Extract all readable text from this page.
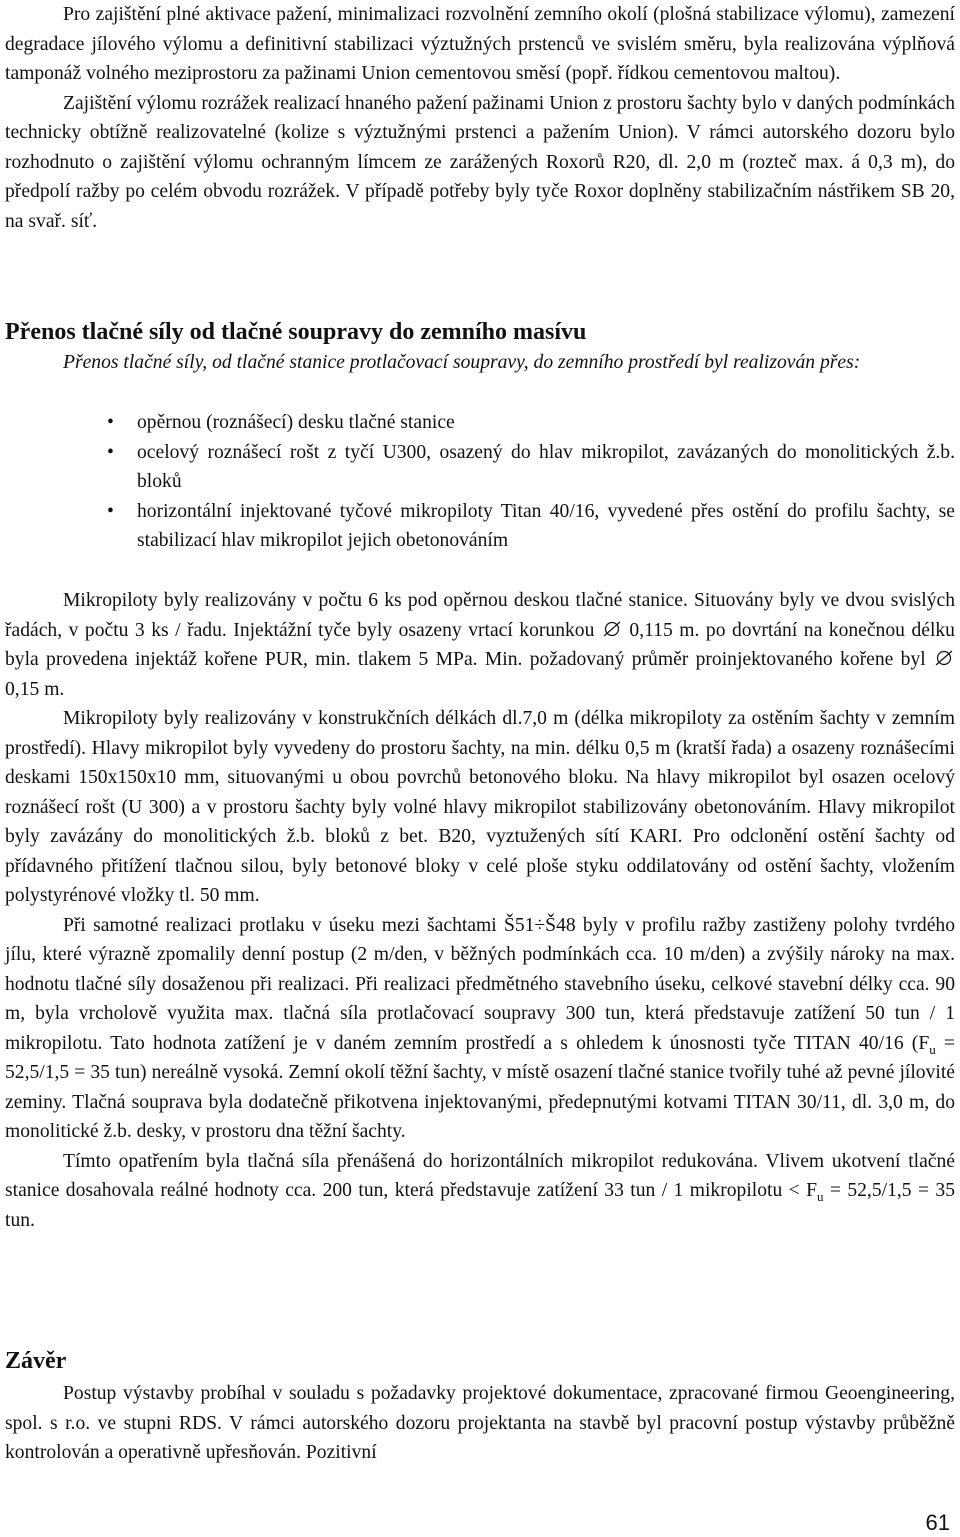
Pro zajištění plné aktivace pažení, minimalizaci rozvolnění zemního okolí (plošná stabilizace výlomu), zamezení degradace jílového výlomu a definitivní stabilizaci výztužných prstenců ve svislém směru, byla realizována výplňová tamponáž volného meziprostoru za pažinami Union cementovou směsí (popř. řídkou cementovou maltou).

Zajištění výlomu rozrážek realizací hnaného pažení pažinami Union z prostoru šachty bylo v daných podmínkách technicky obtížně realizovatelné (kolize s výztužnými prstenci a pažením Union). V rámci autorského dozoru bylo rozhodnuto o zajištění výlomu ochranným límcem ze zarážených Roxorů R20, dl. 2,0 m (rozteč max. á 0,3 m), do předpolí ražby po celém obvodu rozrážek. V případě potřeby byly tyče Roxor doplněny stabilizačním nástřikem SB 20, na svař. síť.

Přenos tlačné síly od tlačné soupravy do zemního masívu

Přenos tlačné síly, od tlačné stanice protlačovací soupravy, do zemního prostředí byl realizován přes:

• opěrnou (roznášecí) desku tlačné stanice
• ocelový roznášecí rošt z tyčí U300, osazený do hlav mikropilot, zavázaných do monolitických ž.b. bloků
• horizontální injektované tyčové mikropiloty Titan 40/16, vyvedené přes ostění do profilu šachty, se stabilizací hlav mikropilot jejich obetonováním

Mikropiloty byly realizovány v počtu 6 ks pod opěrnou deskou tlačné stanice. Situovány byly ve dvou svislých řadách, v počtu 3 ks / řadu. Injektážní tyče byly osazeny vrtací korunkou 0,115 m. po dovrtání na konečnou délku byla provedena injektáž kořene PUR, min. tlakem 5 MPa. Min. požadovaný průměr proinjektovaného kořene byl
0,15 m.

Mikropiloty byly realizovány v konstrukčních délkách dl.7,0 m (délka mikropiloty za ostěním šachty v zemním prostředí). Hlavy mikropilot byly vyvedeny do prostoru šachty, na min. délku 0,5 m (kratší řada) a osazeny roznášecími deskami 150x150x10 mm, situovanými u obou povrchů betonového bloku. Na hlavy mikropilot byl osazen ocelový roznášecí rošt (U 300) a v prostoru šachty byly volné hlavy mikropilot stabilizovány obetonováním. Hlavy mikropilot byly zavázány do monolitických ž.b. bloků z bet. B20, vyztužených sítí KARI. Pro odclonění ostění šachty od přídavného přitížení tlačnou silou, byly betonové bloky v celé ploše styku oddilatovány od ostění šachty, vložením polystyrénové vložky tl. 50 mm.

Při samotné realizaci protlaku v úseku mezi šachtami Š51÷Š48 byly v profilu ražby zastiženy polohy tvrdého jílu, které výrazně zpomalily denní postup (2 m/den, v běžných podmínkách cca. 10 m/den) a zvýšily nároky na max. hodnotu tlačné síly dosaženou při realizaci. Při realizaci předmětného stavebního úseku, celkové stavební délky cca. 90 m, byla vrcholově využita max. tlačná síla protlačovací soupravy 300 tun, která představuje zatížení 50 tun / 1 mikropilotu. Tato hodnota zatížení je v daném zemním prostředí a s ohledem k únosnosti tyče TITAN 40/16 ($F_u = 52,5/1,5 = 35$ tun) nereálně vysoká. Zemní okolí těžní šachty, v místě osazení tlačné stanice tvořily tuhé až pevné jílovité zeminy. Tlačná souprava byla dodatečně přikotvena injektovanými, předepnutými kotvami TITAN 30/11, dl. 3,0 m, do monolitické ž.b. desky, v prostoru dna těžní šachty.

Tímto opatřením byla tlačná síla přenášená do horizontálních mikropilot redukována. Vlivem ukotvení tlačné stanice dosahovala reálné hodnoty cca. 200 tun, která představuje zatížení 33 tun / 1 mikropilotu < $F_u = 52,5/1,5 = 35$ tun.

Závěr

Postup výstavby probíhal v souladu s požadavky projektové dokumentace, zpracované firmou Geoengineering, spol. s r.o. ve stupni RDS. V rámci autorského dozoru projektanta na stavbě byl pracovní postup výstavby průběžně kontrolován a operativně upřesňován. Pozitivní

61
